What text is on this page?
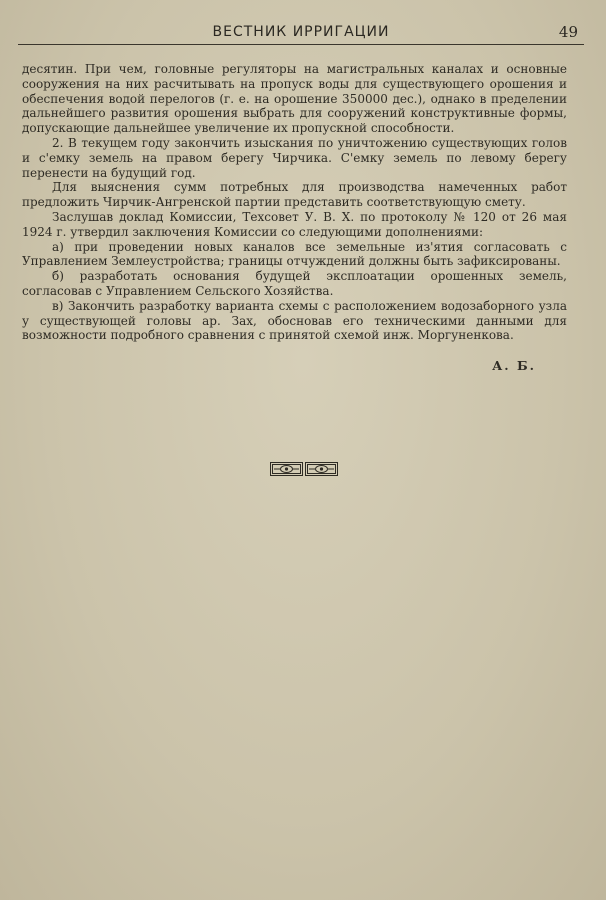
ВЕСТНИК ИРРИГАЦИИ	49

десятин. При чем, головные регуляторы на магистральных каналах и основные сооружения на них расчитывать на пропуск воды для существующего орошения и обеспечения водой перелогов (г. е. на орошение 350000 дес.), однако в пределении дальнейшего развития орошения выбрать для сооружений конструктивные формы, допускающие дальнейшее увеличение их пропускной способности.

2. В текущем году закончить изыскания по уничтожению существующих голов и с'емку земель на правом берегу Чирчика. С'емку земель по левому берегу перенести на будущий год.

Для выяснения сумм потребных для производства намеченных работ предложить Чирчик-Ангренской партии представить соответствующую смету.

Заслушав доклад Комиссии, Техсовет У. В. Х. по протоколу № 120 от 26 мая 1924 г. утвердил заключения Комиссии со следующими дополнениями:

а) при проведении новых каналов все земельные из'ятия согласовать с Управлением Землеустройства; границы отчуждений должны быть зафиксированы.

б) разработать основания будущей эксплоатации орошенных земель, согласовав с Управлением Сельского Хозяйства.

в) Закончить разработку варианта схемы с расположением водозаборного узла у существующей головы ар. Зах, обосновав его техническими данными для возможности подробного сравнения с принятой схемой инж. Моргуненкова.

А. Б.
